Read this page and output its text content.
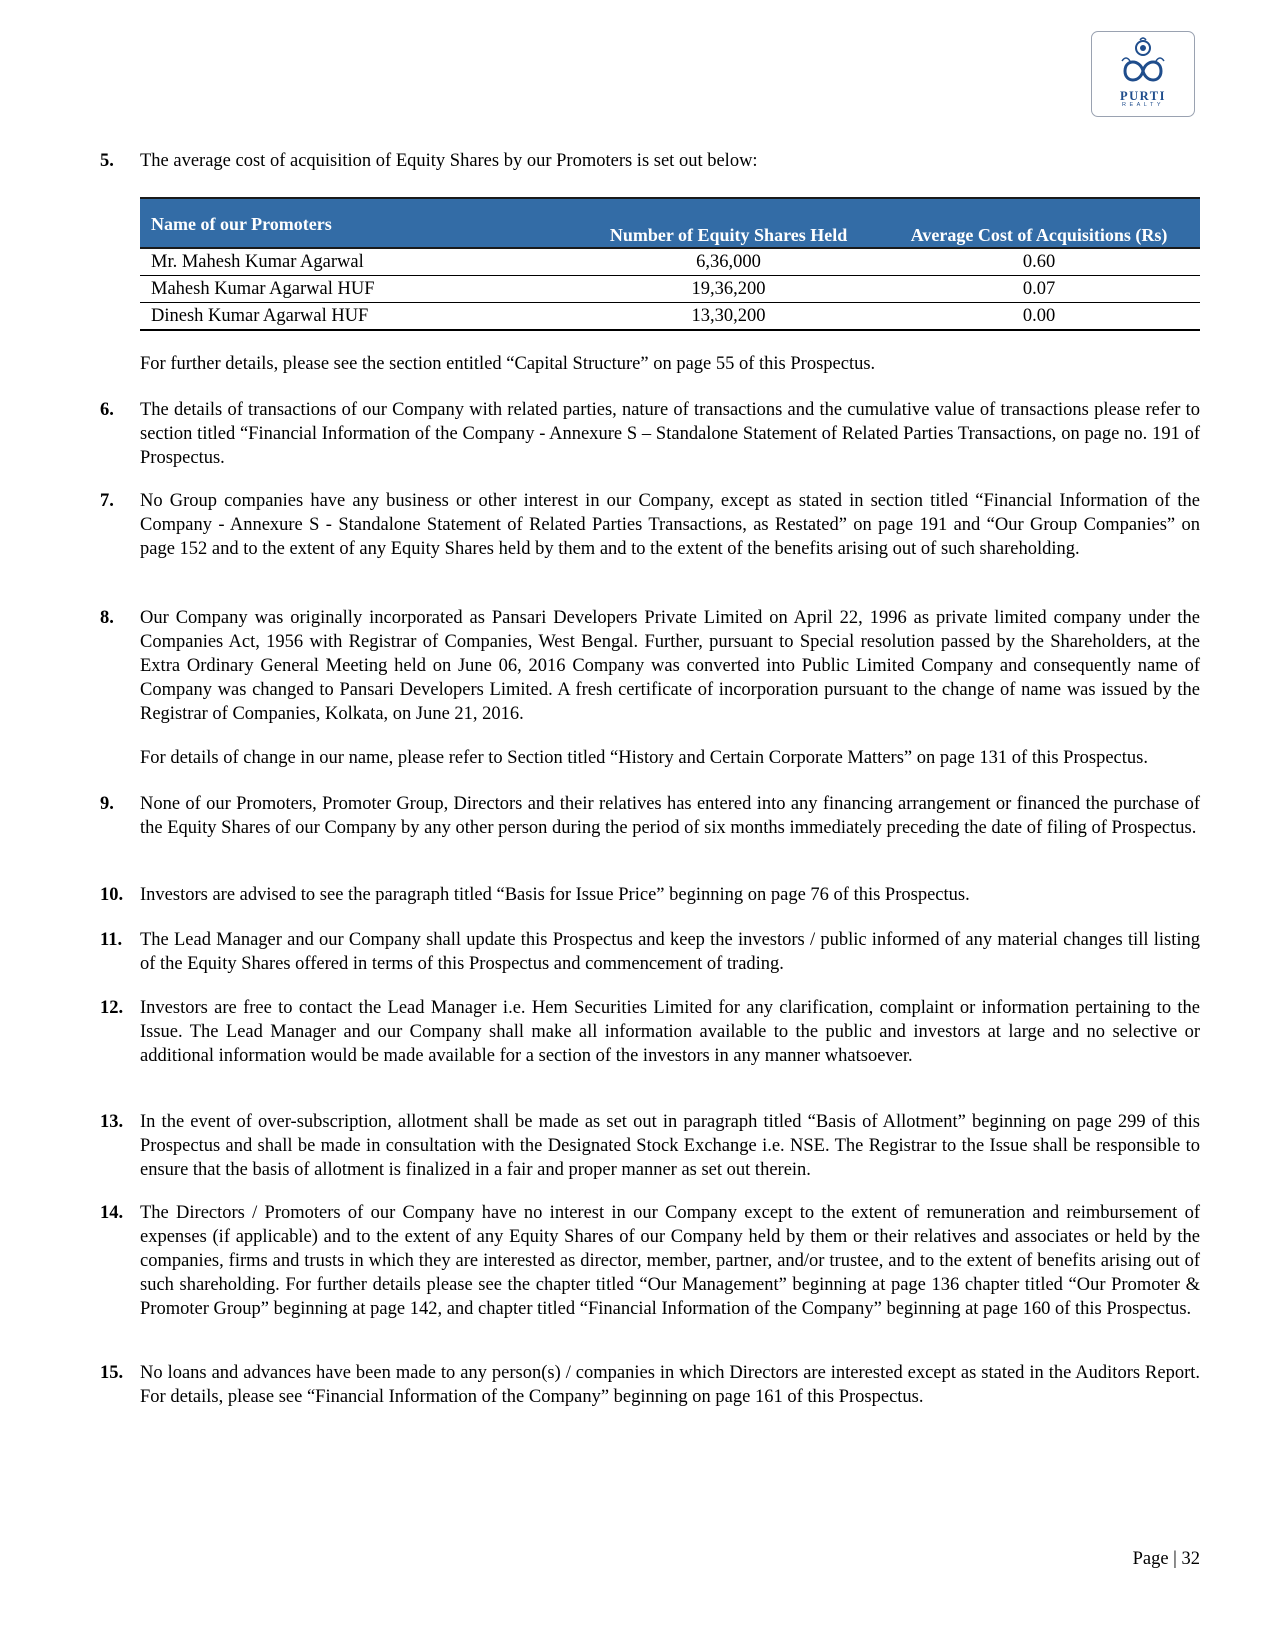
PURTI
REALTY
5. The average cost of acquisition of Equity Shares by our Promoters is set out below:

Name of our Promoters	Number of Equity Shares Held	Average Cost of Acquisitions (Rs)
Mr. Mahesh Kumar Agarwal	6,36,000	0.60
Mahesh Kumar Agarwal HUF	19,36,200	0.07
Dinesh Kumar Agarwal HUF	13,30,200	0.00

For further details, please see the section entitled “Capital Structure” on page 55 of this Prospectus.

6. The details of transactions of our Company with related parties, nature of transactions and the cumulative value of transactions please refer to section titled “Financial Information of the Company - Annexure S – Standalone Statement of Related Parties Transactions, on page no. 191 of Prospectus.

7. No Group companies have any business or other interest in our Company, except as stated in section titled “Financial Information of the Company - Annexure S - Standalone Statement of Related Parties Transactions, as Restated” on page 191 and “Our Group Companies” on page 152 and to the extent of any Equity Shares held by them and to the extent of the benefits arising out of such shareholding.

8. Our Company was originally incorporated as Pansari Developers Private Limited on April 22, 1996 as private limited company under the Companies Act, 1956 with Registrar of Companies, West Bengal. Further, pursuant to Special resolution passed by the Shareholders, at the Extra Ordinary General Meeting held on June 06, 2016 Company was converted into Public Limited Company and consequently name of Company was changed to Pansari Developers Limited. A fresh certificate of incorporation pursuant to the change of name was issued by the Registrar of Companies, Kolkata, on June 21, 2016.

For details of change in our name, please refer to Section titled “History and Certain Corporate Matters” on page 131 of this Prospectus.

9. None of our Promoters, Promoter Group, Directors and their relatives has entered into any financing arrangement or financed the purchase of the Equity Shares of our Company by any other person during the period of six months immediately preceding the date of filing of Prospectus.

10. Investors are advised to see the paragraph titled “Basis for Issue Price” beginning on page 76 of this Prospectus.

11. The Lead Manager and our Company shall update this Prospectus and keep the investors / public informed of any material changes till listing of the Equity Shares offered in terms of this Prospectus and commencement of trading.

12. Investors are free to contact the Lead Manager i.e. Hem Securities Limited for any clarification, complaint or information pertaining to the Issue. The Lead Manager and our Company shall make all information available to the public and investors at large and no selective or additional information would be made available for a section of the investors in any manner whatsoever.

13. In the event of over-subscription, allotment shall be made as set out in paragraph titled “Basis of Allotment” beginning on page 299 of this Prospectus and shall be made in consultation with the Designated Stock Exchange i.e. NSE. The Registrar to the Issue shall be responsible to ensure that the basis of allotment is finalized in a fair and proper manner as set out therein.

14. The Directors / Promoters of our Company have no interest in our Company except to the extent of remuneration and reimbursement of expenses (if applicable) and to the extent of any Equity Shares of our Company held by them or their relatives and associates or held by the companies, firms and trusts in which they are interested as director, member, partner, and/or trustee, and to the extent of benefits arising out of such shareholding. For further details please see the chapter titled “Our Management” beginning at page 136 chapter titled “Our Promoter & Promoter Group” beginning at page 142, and chapter titled “Financial Information of the Company” beginning at page 160 of this Prospectus.

15. No loans and advances have been made to any person(s) / companies in which Directors are interested except as stated in the Auditors Report. For details, please see “Financial Information of the Company” beginning on page 161 of this Prospectus.

Page | 32
